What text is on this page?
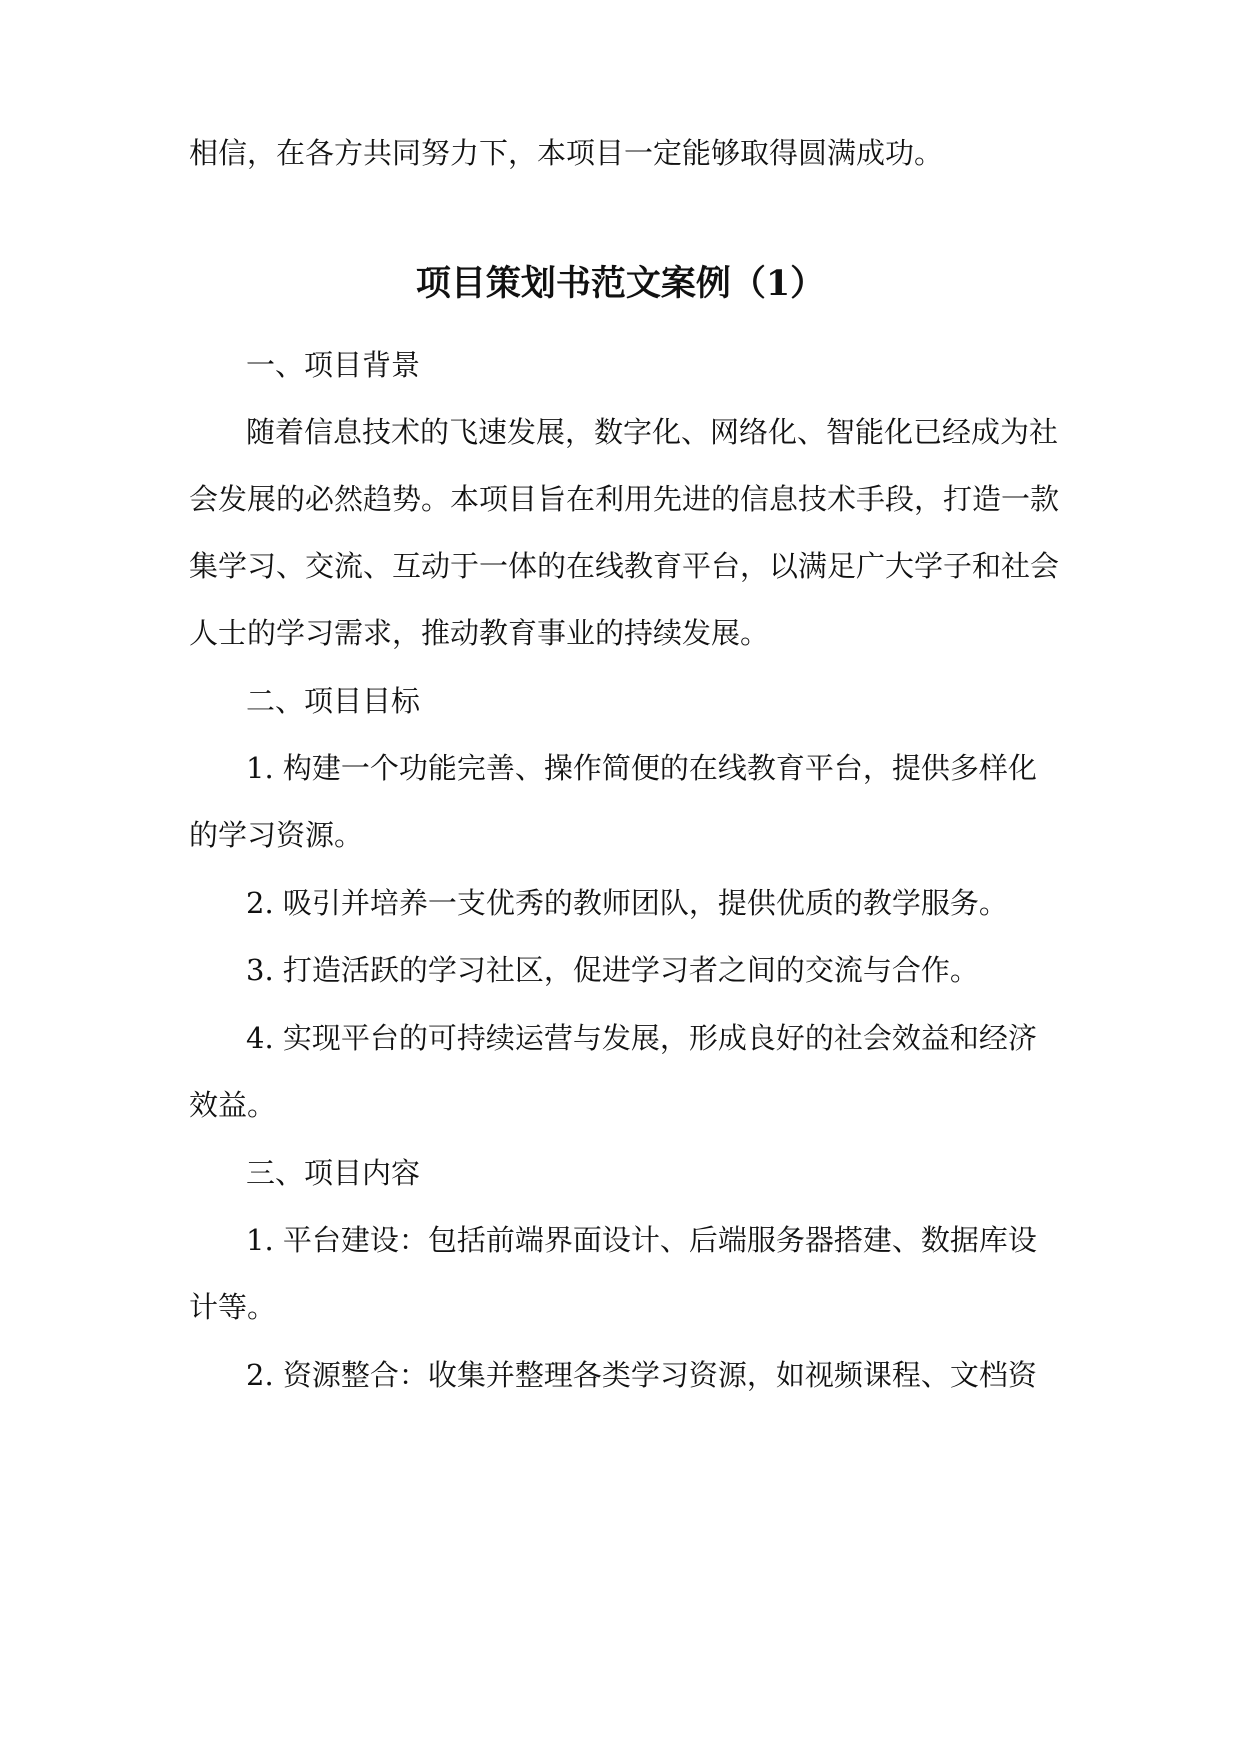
相信，在各方共同努力下，本项目一定能够取得圆满成功。
项目策划书范文案例（1）
一、项目背景
随着信息技术的飞速发展，数字化、网络化、智能化已经成为社
会发展的必然趋势。本项目旨在利用先进的信息技术手段，打造一款
集学习、交流、互动于一体的在线教育平台，以满足广大学子和社会
人士的学习需求，推动教育事业的持续发展。
二、项目目标
1. 构建一个功能完善、操作简便的在线教育平台，提供多样化
的学习资源。
2. 吸引并培养一支优秀的教师团队，提供优质的教学服务。
3. 打造活跃的学习社区，促进学习者之间的交流与合作。
4. 实现平台的可持续运营与发展，形成良好的社会效益和经济
效益。
三、项目内容
1. 平台建设：包括前端界面设计、后端服务器搭建、数据库设
计等。
2. 资源整合：收集并整理各类学习资源，如视频课程、文档资
